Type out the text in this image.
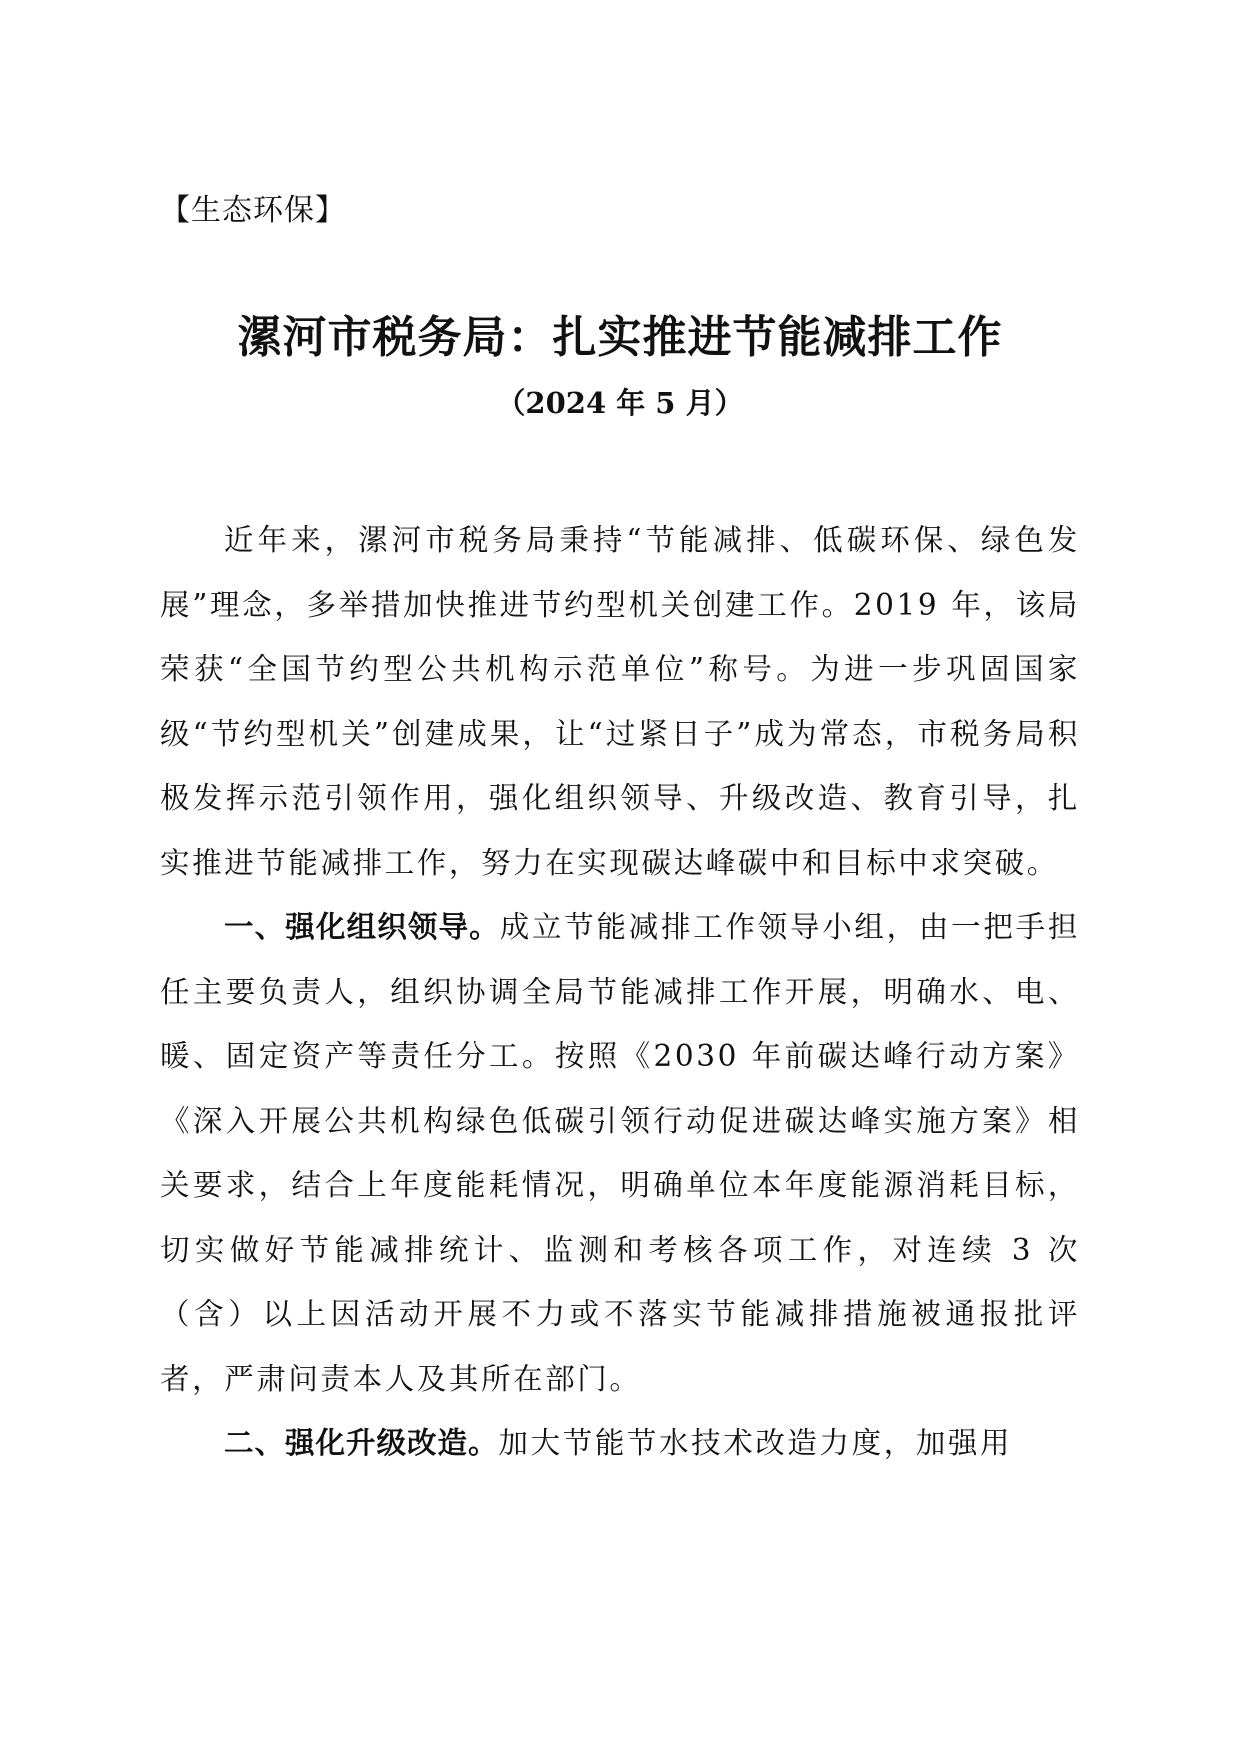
【生态环保】
漯河市税务局：扎实推进节能减排工作
（2024 年 5 月）

近年来，漯河市税务局秉持“节能减排、低碳环保、绿色发展”理念，多举措加快推进节约型机关创建工作。2019 年，该局荣获“全国节约型公共机构示范单位”称号。为进一步巩固国家级“节约型机关”创建成果，让“过紧日子”成为常态，市税务局积极发挥示范引领作用，强化组织领导、升级改造、教育引导，扎实推进节能减排工作，努力在实现碳达峰碳中和目标中求突破。

一、强化组织领导。成立节能减排工作领导小组，由一把手担任主要负责人，组织协调全局节能减排工作开展，明确水、电、暖、固定资产等责任分工。按照《2030 年前碳达峰行动方案》《深入开展公共机构绿色低碳引领行动促进碳达峰实施方案》相关要求，结合上年度能耗情况，明确单位本年度能源消耗目标，切实做好节能减排统计、监测和考核各项工作，对连续 3 次（含）以上因活动开展不力或不落实节能减排措施被通报批评者，严肃问责本人及其所在部门。

二、强化升级改造。加大节能节水技术改造力度，加强用
